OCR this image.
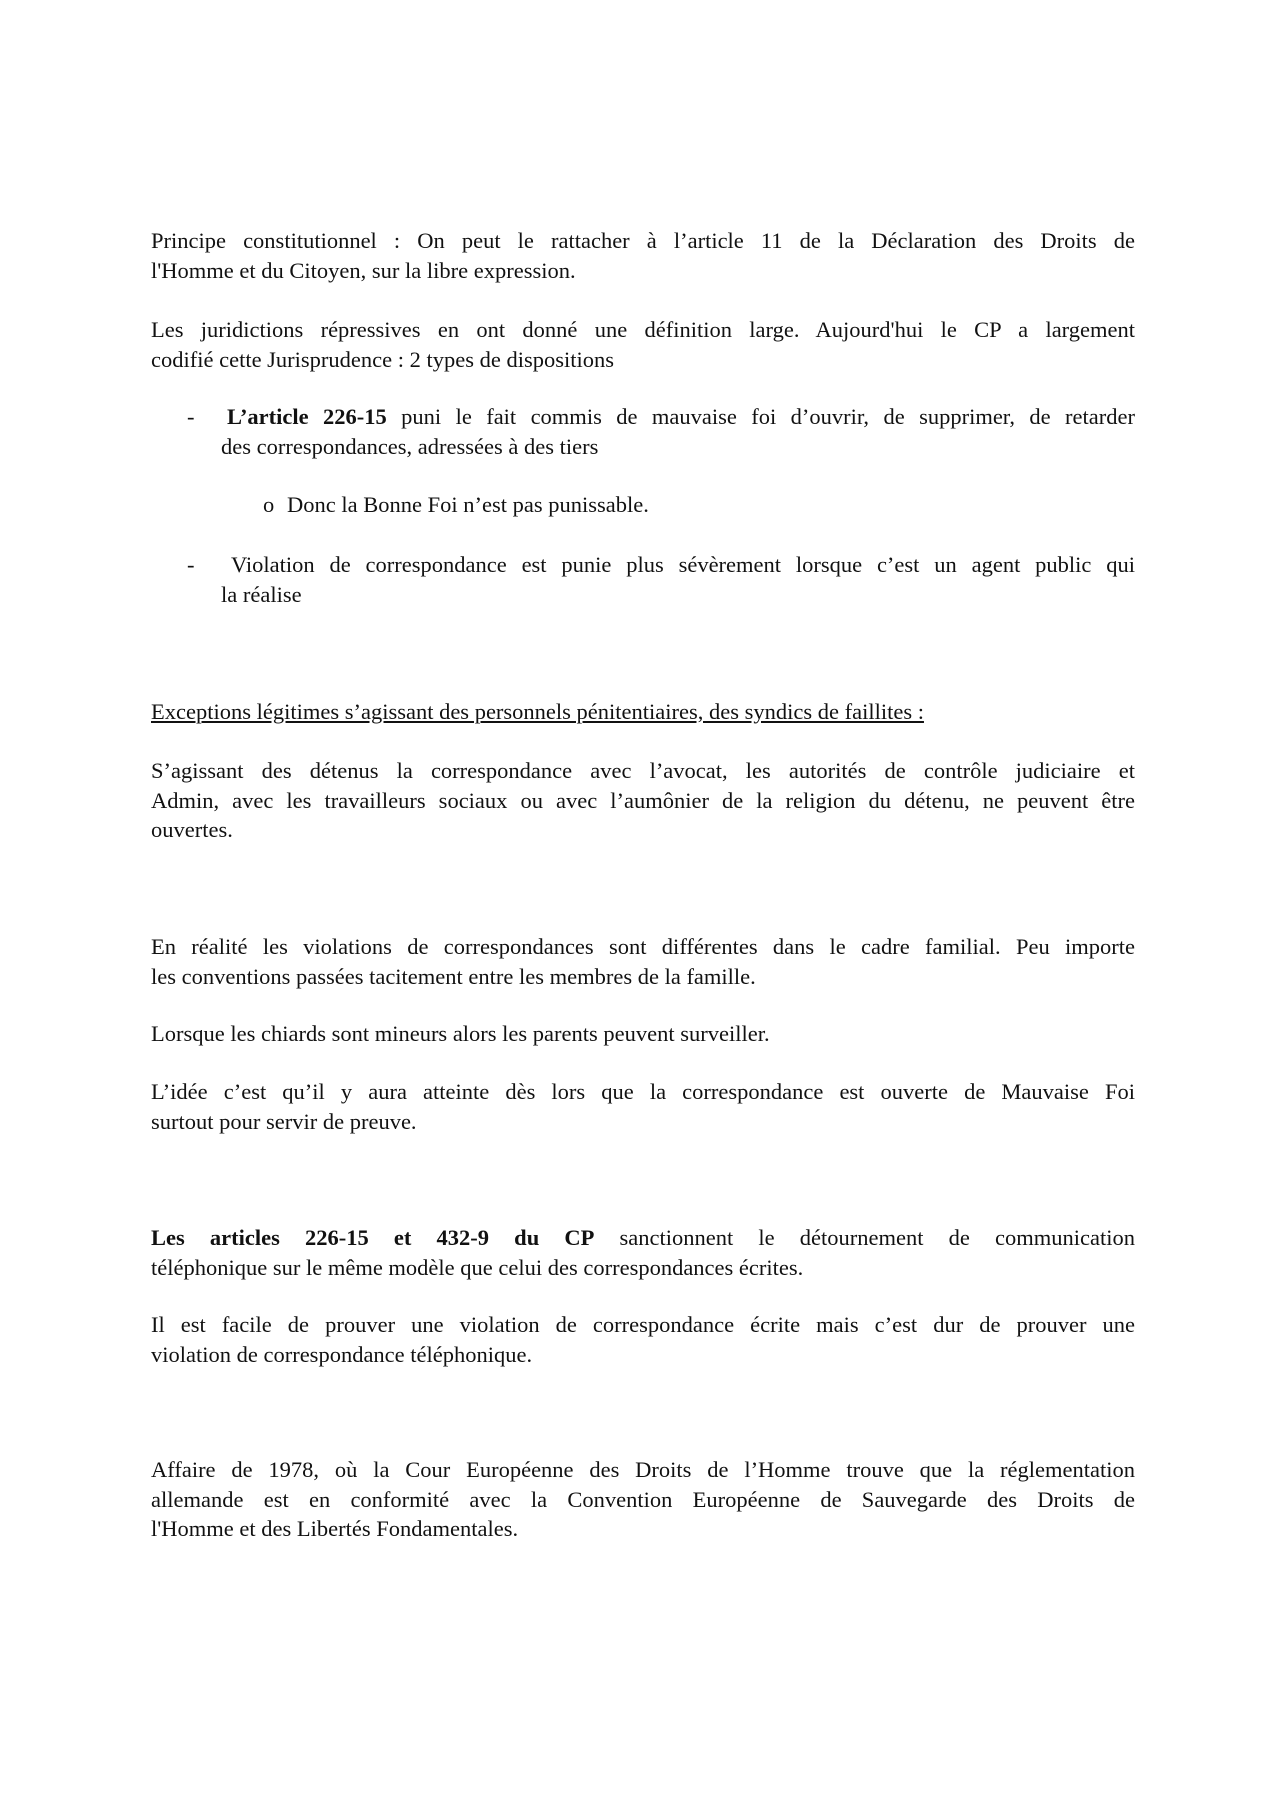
Principe constitutionnel : On peut le rattacher à l’article 11 de la Déclaration des Droits de

l'Homme et du Citoyen, sur la libre expression.

Les juridictions répressives en ont donné une définition large. Aujourd'hui le CP a largement

codifié cette Jurisprudence : 2 types de dispositions

- L’article 226-15 puni le fait commis de mauvaise foi d’ouvrir, de supprimer, de retarder

des correspondances, adressées à des tiers

o Donc la Bonne Foi n’est pas punissable.
- Violation de correspondance est punie plus sévèrement lorsque c’est un agent public qui

la réalise

Exceptions légitimes s’agissant des personnels pénitentiaires, des syndics de faillites :

S’agissant des détenus la correspondance avec l’avocat, les autorités de contrôle judiciaire et

Admin, avec les travailleurs sociaux ou avec l’aumônier de la religion du détenu, ne peuvent être

ouvertes.

En réalité les violations de correspondances sont différentes dans le cadre familial. Peu importe

les conventions passées tacitement entre les membres de la famille.

Lorsque les chiards sont mineurs alors les parents peuvent surveiller.

L’idée c’est qu’il y aura atteinte dès lors que la correspondance est ouverte de Mauvaise Foi

surtout pour servir de preuve.

Les articles 226-15 et 432-9 du CP sanctionnent le détournement de communication

téléphonique sur le même modèle que celui des correspondances écrites.

Il est facile de prouver une violation de correspondance écrite mais c’est dur de prouver une

violation de correspondance téléphonique.

Affaire de 1978, où la Cour Européenne des Droits de l’Homme trouve que la réglementation

allemande est en conformité avec la Convention Européenne de Sauvegarde des Droits de

l'Homme et des Libertés Fondamentales.
